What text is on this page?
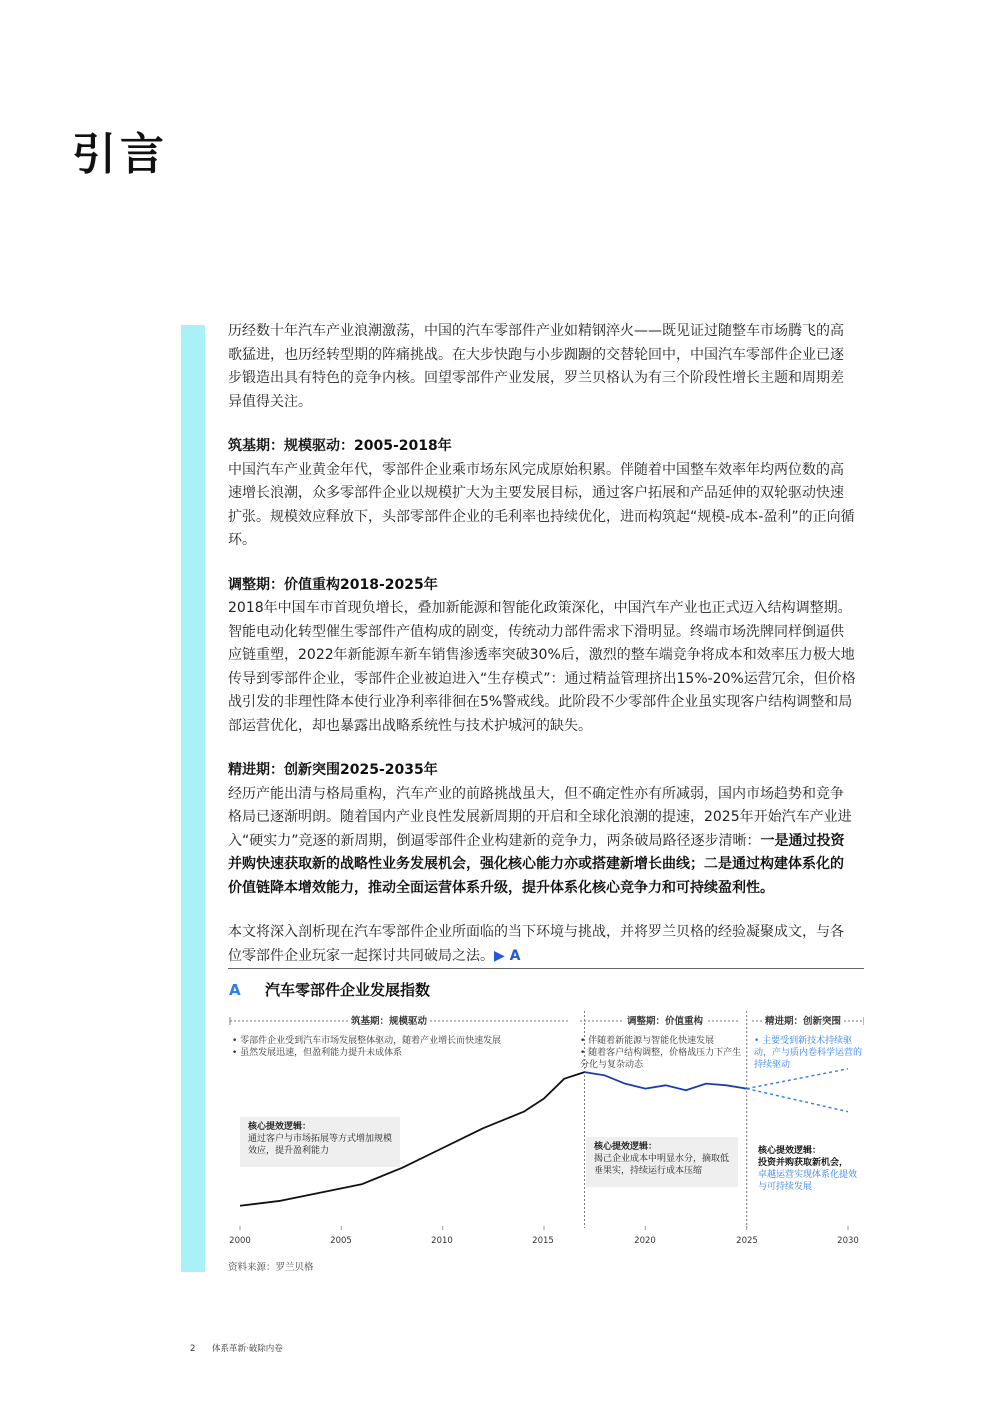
引言

历经数十年汽车产业浪潮激荡，中国的汽车零部件产业如精钢淬火——既见证过随整车市场腾飞的高歌猛进，也历经转型期的阵痛挑战。在大步快跑与小步踟蹰的交替轮回中，中国汽车零部件企业已逐步锻造出具有特色的竞争内核。回望零部件产业发展，罗兰贝格认为有三个阶段性增长主题和周期差异值得关注。

筑基期：规模驱动：2005-2018年

中国汽车产业黄金年代，零部件企业乘市场东风完成原始积累。伴随着中国整车效率年均两位数的高速增长浪潮，众多零部件企业以规模扩大为主要发展目标，通过客户拓展和产品延伸的双轮驱动快速扩张。规模效应释放下，头部零部件企业的毛利率也持续优化，进而构筑起“规模-成本-盈利”的正向循环。

调整期：价值重构2018-2025年

2018年中国车市首现负增长，叠加新能源和智能化政策深化，中国汽车产业也正式迈入结构调整期。智能电动化转型催生零部件产值构成的剧变，传统动力部件需求下滑明显。终端市场洗牌同样倒逼供应链重塑，2022年新能源车新车销售渗透率突破30%后，激烈的整车端竞争将成本和效率压力极大地传导到零部件企业，零部件企业被迫进入“生存模式”：通过精益管理挤出15%-20%运营冗余，但价格战引发的非理性降本使行业净利率徘徊在5%警戒线。此阶段不少零部件企业虽实现客户结构调整和局部运营优化，却也暴露出战略系统性与技术护城河的缺失。

精进期：创新突围2025-2035年

经历产能出清与格局重构，汽车产业的前路挑战虽大，但不确定性亦有所减弱，国内市场趋势和竞争格局已逐渐明朗。随着国内产业良性发展新周期的开启和全球化浪潮的提速，2025年开始汽车产业进入“硬实力”竞逐的新周期，倒逼零部件企业构建新的竞争力，两条破局路径逐步清晰：一是通过投资并购快速获取新的战略性业务发展机会，强化核心能力亦或搭建新增长曲线；二是通过构建体系化的价值链降本增效能力，推动全面运营体系升级，提升体系化核心竞争力和可持续盈利性。

本文将深入剖析现在汽车零部件企业所面临的当下环境与挑战，并将罗兰贝格的经验凝聚成文，与各位零部件企业玩家一起探讨共同破局之法。▶ A

A 汽车零部件企业发展指数
筑基期：规模驱动	调整期：价值重构	精进期：创新突围
• 零部件企业受到汽车市场发展整体驱动，随着产业增长而快速发展
• 虽然发展迅速，但盈利能力提升未成体系
• 伴随着新能源与智能化快速发展
• 随着客户结构调整，价格战压力下产生分化与复杂动态
• 主要受到新技术持续驱动，产与质内卷科学运营的持续驱动
核心提效逻辑：
通过客户与市场拓展等方式增加规模效应，提升盈利能力	核心提效逻辑：
揭己企业成本中明显水分，摘取低垂果实，持续运行成本压缩
核心提效逻辑：
投资并购获取新机会，
卓越运营实现体系化提效与可持续发展
2000	2005	2010	2015	2020	2025	2030
资料来源：罗兰贝格
2 体系革新·破除内卷
